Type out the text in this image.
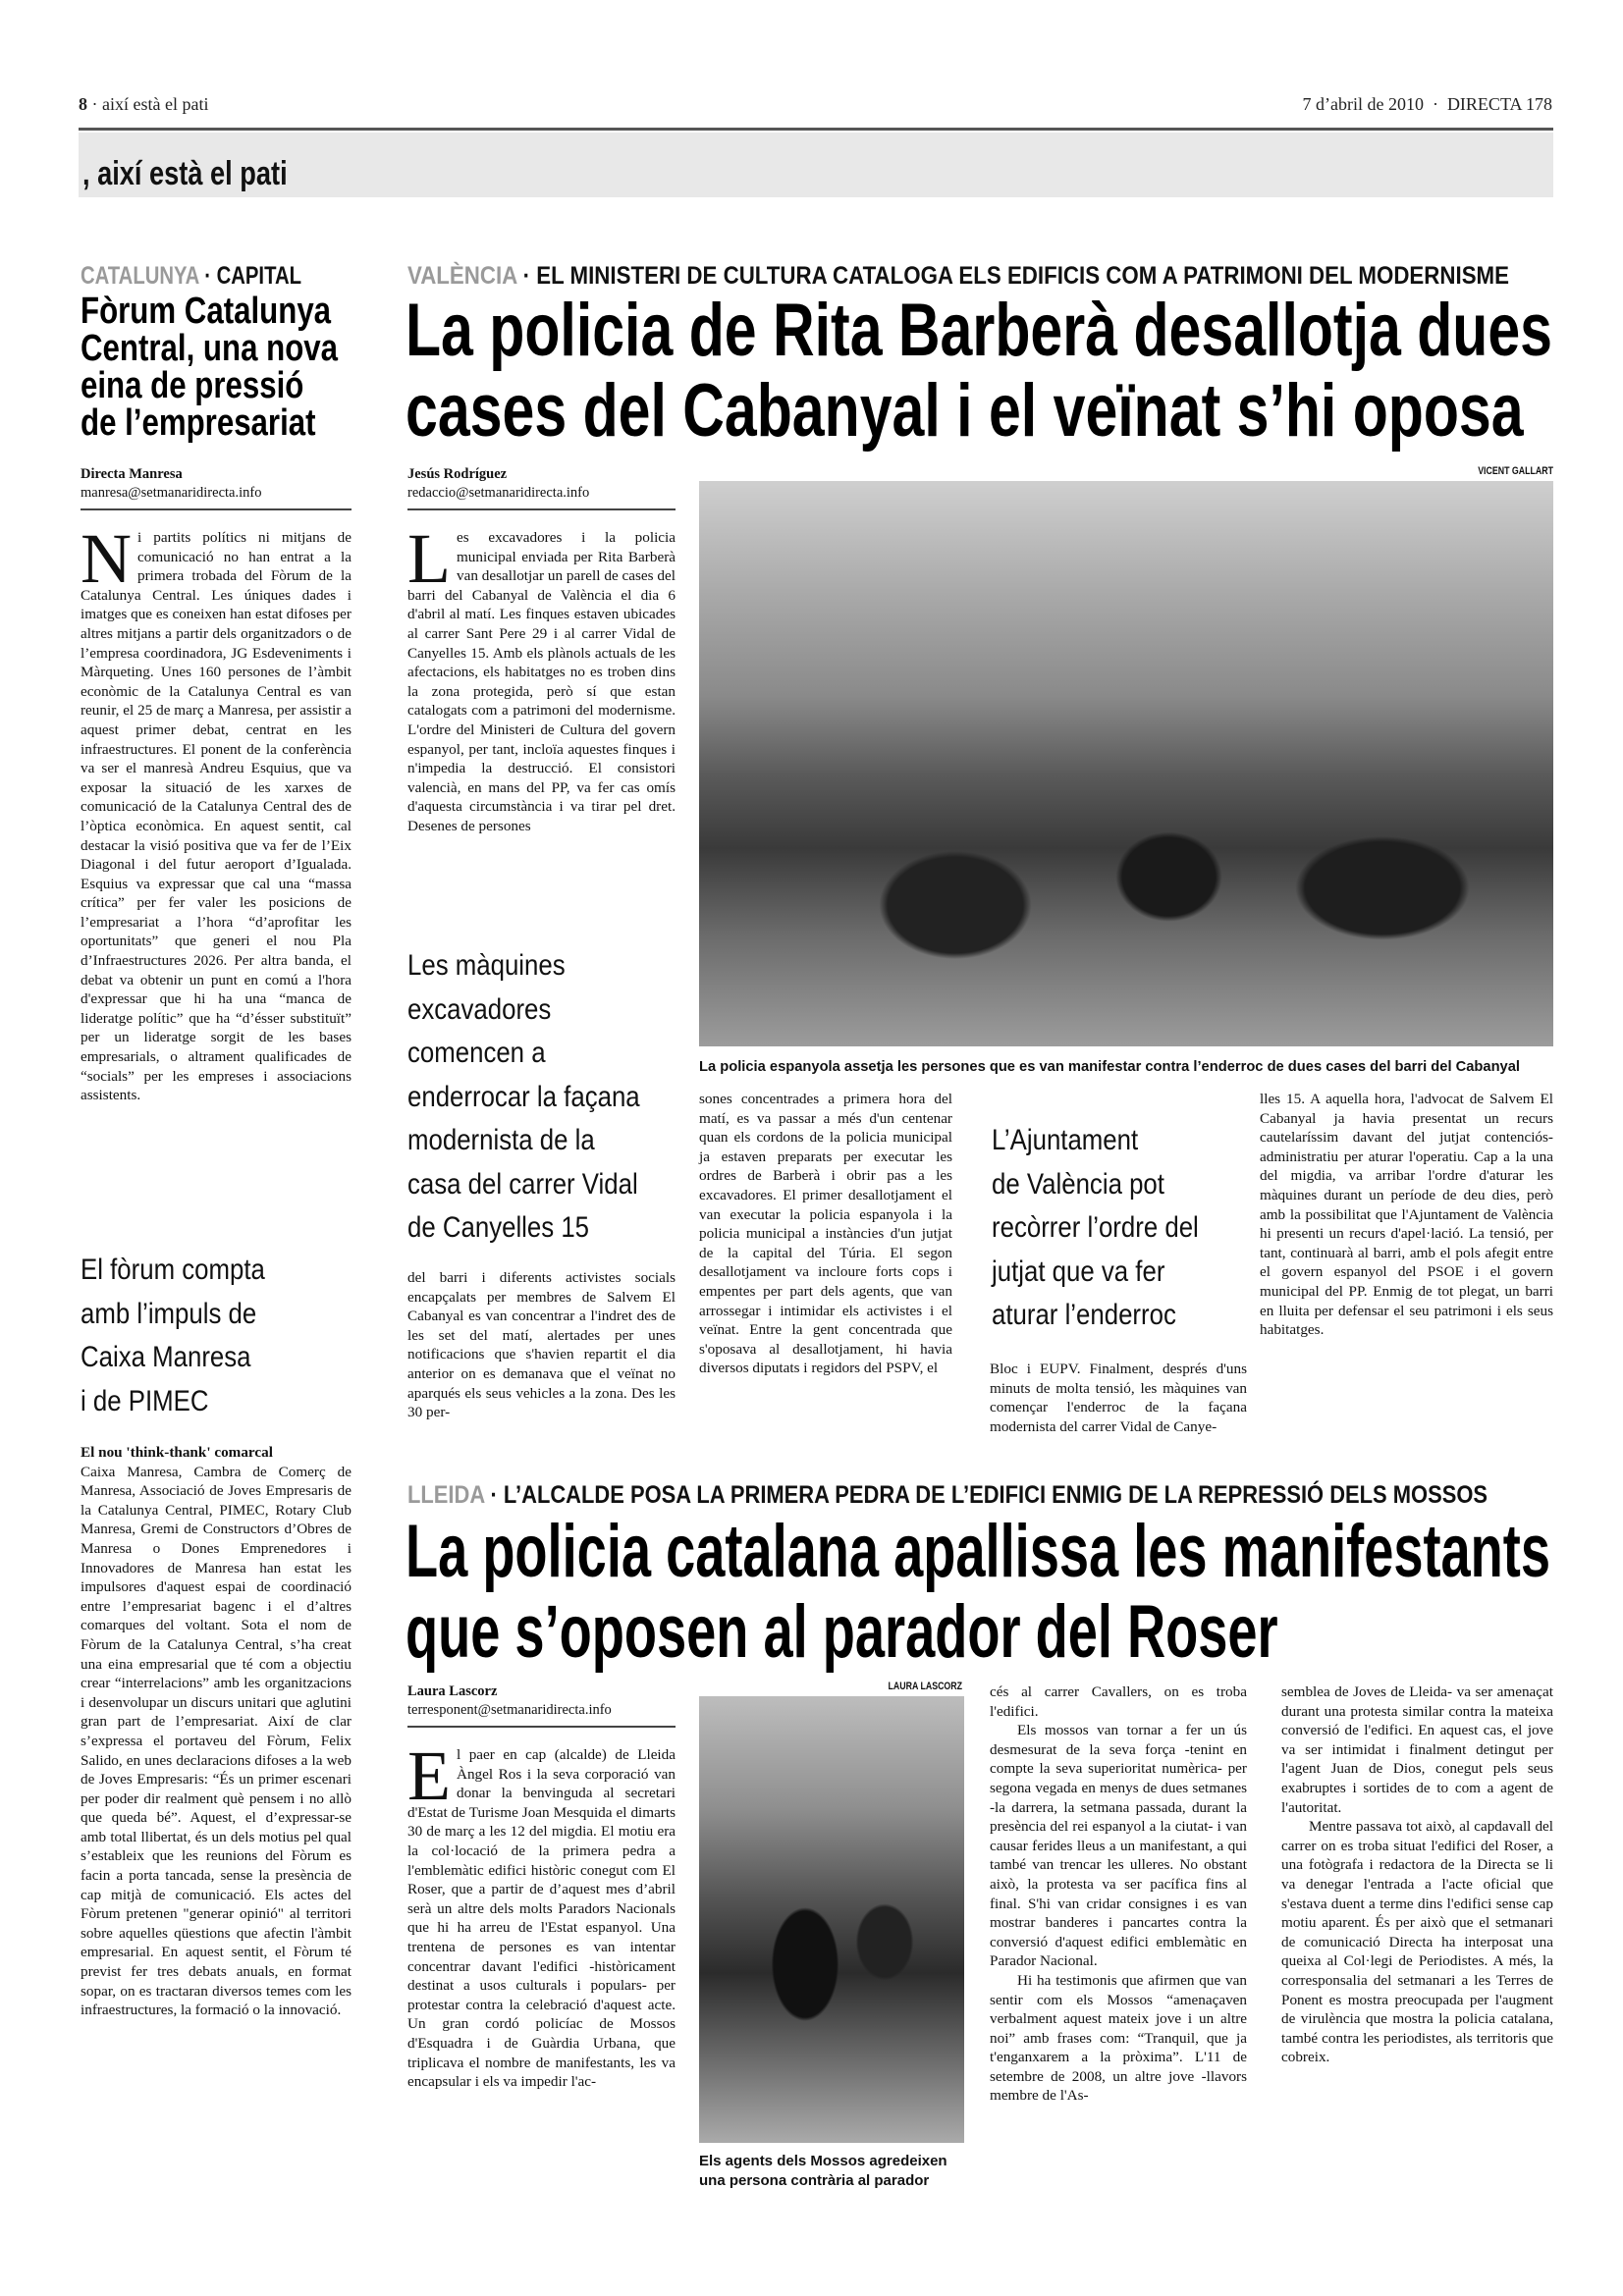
8 · així està el pati	7 d’abril de 2010 · DIRECTA 178
, així està el pati
CATALUNYA · CAPITAL
Fòrum Catalunya
Central, una nova
eina de pressió
de l’empresariat
Directa Manresa
manresa@setmanaridirecta.info

Ni partits polítics ni mitjans de comunicació no han entrat a la primera trobada del Fòrum de la Catalunya Central. Les úniques dades i imatges que es coneixen han estat difoses per altres mitjans a partir dels organitzadors o de l’empresa coordinadora, JG Esdeveniments i Màrqueting. Unes 160 persones de l’àmbit econòmic de la Catalunya Central es van reunir, el 25 de març a Manresa, per assistir a aquest primer debat, centrat en les infraestructures. El ponent de la conferència va ser el manresà Andreu Esquius, que va exposar la situació de les xarxes de comunicació de la Catalunya Central des de l’òptica econòmica. En aquest sentit, cal destacar la visió positiva que va fer de l’Eix Diagonal i del futur aeroport d’Igualada. Esquius va expressar que cal una “massa crítica” per fer valer les posicions de l’empresariat a l’hora “d’aprofitar les oportunitats” que generi el nou Pla d’Infraestructures 2026. Per altra banda, el debat va obtenir un punt en comú a l'hora d'expressar que hi ha una “manca de lideratge polític” que ha “d’ésser substituït” per un lideratge sorgit de les bases empresarials, o altrament qualificades de “socials” per les empreses i associacions assistents.

El fòrum compta
amb l’impuls de
Caixa Manresa
i de PIMEC
El nou 'think-thank' comarcal

Caixa Manresa, Cambra de Comerç de Manresa, Associació de Joves Empresaris de la Catalunya Central, PIMEC, Rotary Club Manresa, Gremi de Constructors d’Obres de Manresa o Dones Emprenedores i Innovadores de Manresa han estat les impulsores d'aquest espai de coordinació entre l’empresariat bagenc i el d’altres comarques del voltant. Sota el nom de Fòrum de la Catalunya Central, s’ha creat una eina empresarial que té com a objectiu crear “interrelacions” amb les organitzacions i desenvolupar un discurs unitari que aglutini gran part de l’empresariat. Així de clar s’expressa el portaveu del Fòrum, Felix Salido, en unes declaracions difoses a la web de Joves Empresaris: “És un primer escenari per poder dir realment què pensem i no allò que queda bé”. Aquest, el d’expressar-se amb total llibertat, és un dels motius pel qual s’estableix que les reunions del Fòrum es facin a porta tancada, sense la presència de cap mitjà de comunicació. Els actes del Fòrum pretenen "generar opinió" al territori sobre aquelles qüestions que afectin l'àmbit empresarial. En aquest sentit, el Fòrum té previst fer tres debats anuals, en format sopar, on es tractaran diversos temes com les infraestructures, la formació o la innovació.

VALÈNCIA · EL MINISTERI DE CULTURA CATALOGA ELS EDIFICIS COM A PATRIMONI DEL MODERNISME
La policia de Rita Barberà desallotja dues
cases del Cabanyal i el veïnat s’hi oposa
Jesús Rodríguez
redaccio@setmanaridirecta.info
VICENT GALLART
La policia espanyola assetja les persones que es van manifestar contra l’enderroc de dues cases del barri del Cabanyal

Les excavadores i la policia municipal enviada per Rita Barberà van desallotjar un parell de cases del barri del Cabanyal de València el dia 6 d'abril al matí. Les finques estaven ubicades al carrer Sant Pere 29 i al carrer Vidal de Canyelles 15. Amb els plànols actuals de les afectacions, els habitatges no es troben dins la zona protegida, però sí que estan catalogats com a patrimoni del modernisme. L'ordre del Ministeri de Cultura del govern espanyol, per tant, incloïa aquestes finques i n'impedia la destrucció. El consistori valencià, en mans del PP, va fer cas omís d'aquesta circumstància i va tirar pel dret. Desenes de persones

Les màquines
excavadores
comencen a
enderrocar la façana
modernista de la
casa del carrer Vidal
de Canyelles 15

del barri i diferents activistes socials encapçalats per membres de Salvem El Cabanyal es van concentrar a l'indret des de les set del matí, alertades per unes notificacions que s'havien repartit el dia anterior on es demanava que el veïnat no aparqués els seus vehicles a la zona. Des les 30 per-

sones concentrades a primera hora del matí, es va passar a més d'un centenar quan els cordons de la policia municipal ja estaven preparats per executar les ordres de Barberà i obrir pas a les excavadores. El primer desallotjament el van executar la policia espanyola i la policia municipal a instàncies d'un jutjat de la capital del Túria. El segon desallotjament va incloure forts cops i empentes per part dels agents, que van arrossegar i intimidar els activistes i el veïnat. Entre la gent concentrada que s'oposava al desallotjament, hi havia diversos diputats i regidors del PSPV, el

L’Ajuntament
de València pot
recòrrer l’ordre del
jutjat que va fer
aturar l’enderroc

Bloc i EUPV. Finalment, després d'uns minuts de molta tensió, les màquines van començar l'enderroc de la façana modernista del carrer Vidal de Canye-

lles 15. A aquella hora, l'advocat de Salvem El Cabanyal ja havia presentat un recurs cautelaríssim davant del jutjat contenciós-administratiu per aturar l'operatiu. Cap a la una del migdia, va arribar l'ordre d'aturar les màquines durant un període de deu dies, però amb la possibilitat que l'Ajuntament de València hi presenti un recurs d'apel·lació. La tensió, per tant, continuarà al barri, amb el pols afegit entre el govern espanyol del PSOE i el govern municipal del PP. Enmig de tot plegat, un barri en lluita per defensar el seu patrimoni i els seus habitatges.

LLEIDA · L’ALCALDE POSA LA PRIMERA PEDRA DE L’EDIFICI ENMIG DE LA REPRESSIÓ DELS MOSSOS
La policia catalana apallissa les manifestants
que s’oposen al parador del Roser
Laura Lascorz
terresponent@setmanaridirecta.info
LAURA LASCORZ
Els agents dels Mossos agredeixen una persona contrària al parador

El paer en cap (alcalde) de Lleida Àngel Ros i la seva corporació van donar la benvinguda al secretari d'Estat de Turisme Joan Mesquida el dimarts 30 de març a les 12 del migdia. El motiu era la col·locació de la primera pedra a l'emblemàtic edifici històric conegut com El Roser, que a partir de d’aquest mes d’abril serà un altre dels molts Paradors Nacionals que hi ha arreu de l'Estat espanyol. Una trentena de persones es van intentar concentrar davant l'edifici -històricament destinat a usos culturals i populars- per protestar contra la celebració d'aquest acte. Un gran cordó policíac de Mossos d'Esquadra i de Guàrdia Urbana, que triplicava el nombre de manifestants, les va encapsular i els va impedir l'ac-

cés al carrer Cavallers, on es troba l'edifici.

Els mossos van tornar a fer un ús desmesurat de la seva força -tenint en compte la seva superioritat numèrica- per segona vegada en menys de dues setmanes -la darrera, la setmana passada, durant la presència del rei espanyol a la ciutat- i van causar ferides lleus a un manifestant, a qui també van trencar les ulleres. No obstant això, la protesta va ser pacífica fins al final. S'hi van cridar consignes i es van mostrar banderes i pancartes contra la conversió d'aquest edifici emblemàtic en Parador Nacional.

Hi ha testimonis que afirmen que van sentir com els Mossos “amenaçaven verbalment aquest mateix jove i un altre noi” amb frases com: “Tranquil, que ja t'enganxarem a la pròxima”. L'11 de setembre de 2008, un altre jove -llavors membre de l'As-

semblea de Joves de Lleida- va ser amenaçat durant una protesta similar contra la mateixa conversió de l'edifici. En aquest cas, el jove va ser intimidat i finalment detingut per l'agent Juan de Dios, conegut pels seus exabruptes i sortides de to com a agent de l'autoritat.

Mentre passava tot això, al capdavall del carrer on es troba situat l'edifici del Roser, a una fotògrafa i redactora de la Directa se li va denegar l'entrada a l'acte oficial que s'estava duent a terme dins l'edifici sense cap motiu aparent. És per això que el setmanari de comunicació Directa ha interposat una queixa al Col·legi de Periodistes. A més, la corresponsalia del setmanari a les Terres de Ponent es mostra preocupada per l'augment de virulència que mostra la policia catalana, també contra les periodistes, als territoris que cobreix.
